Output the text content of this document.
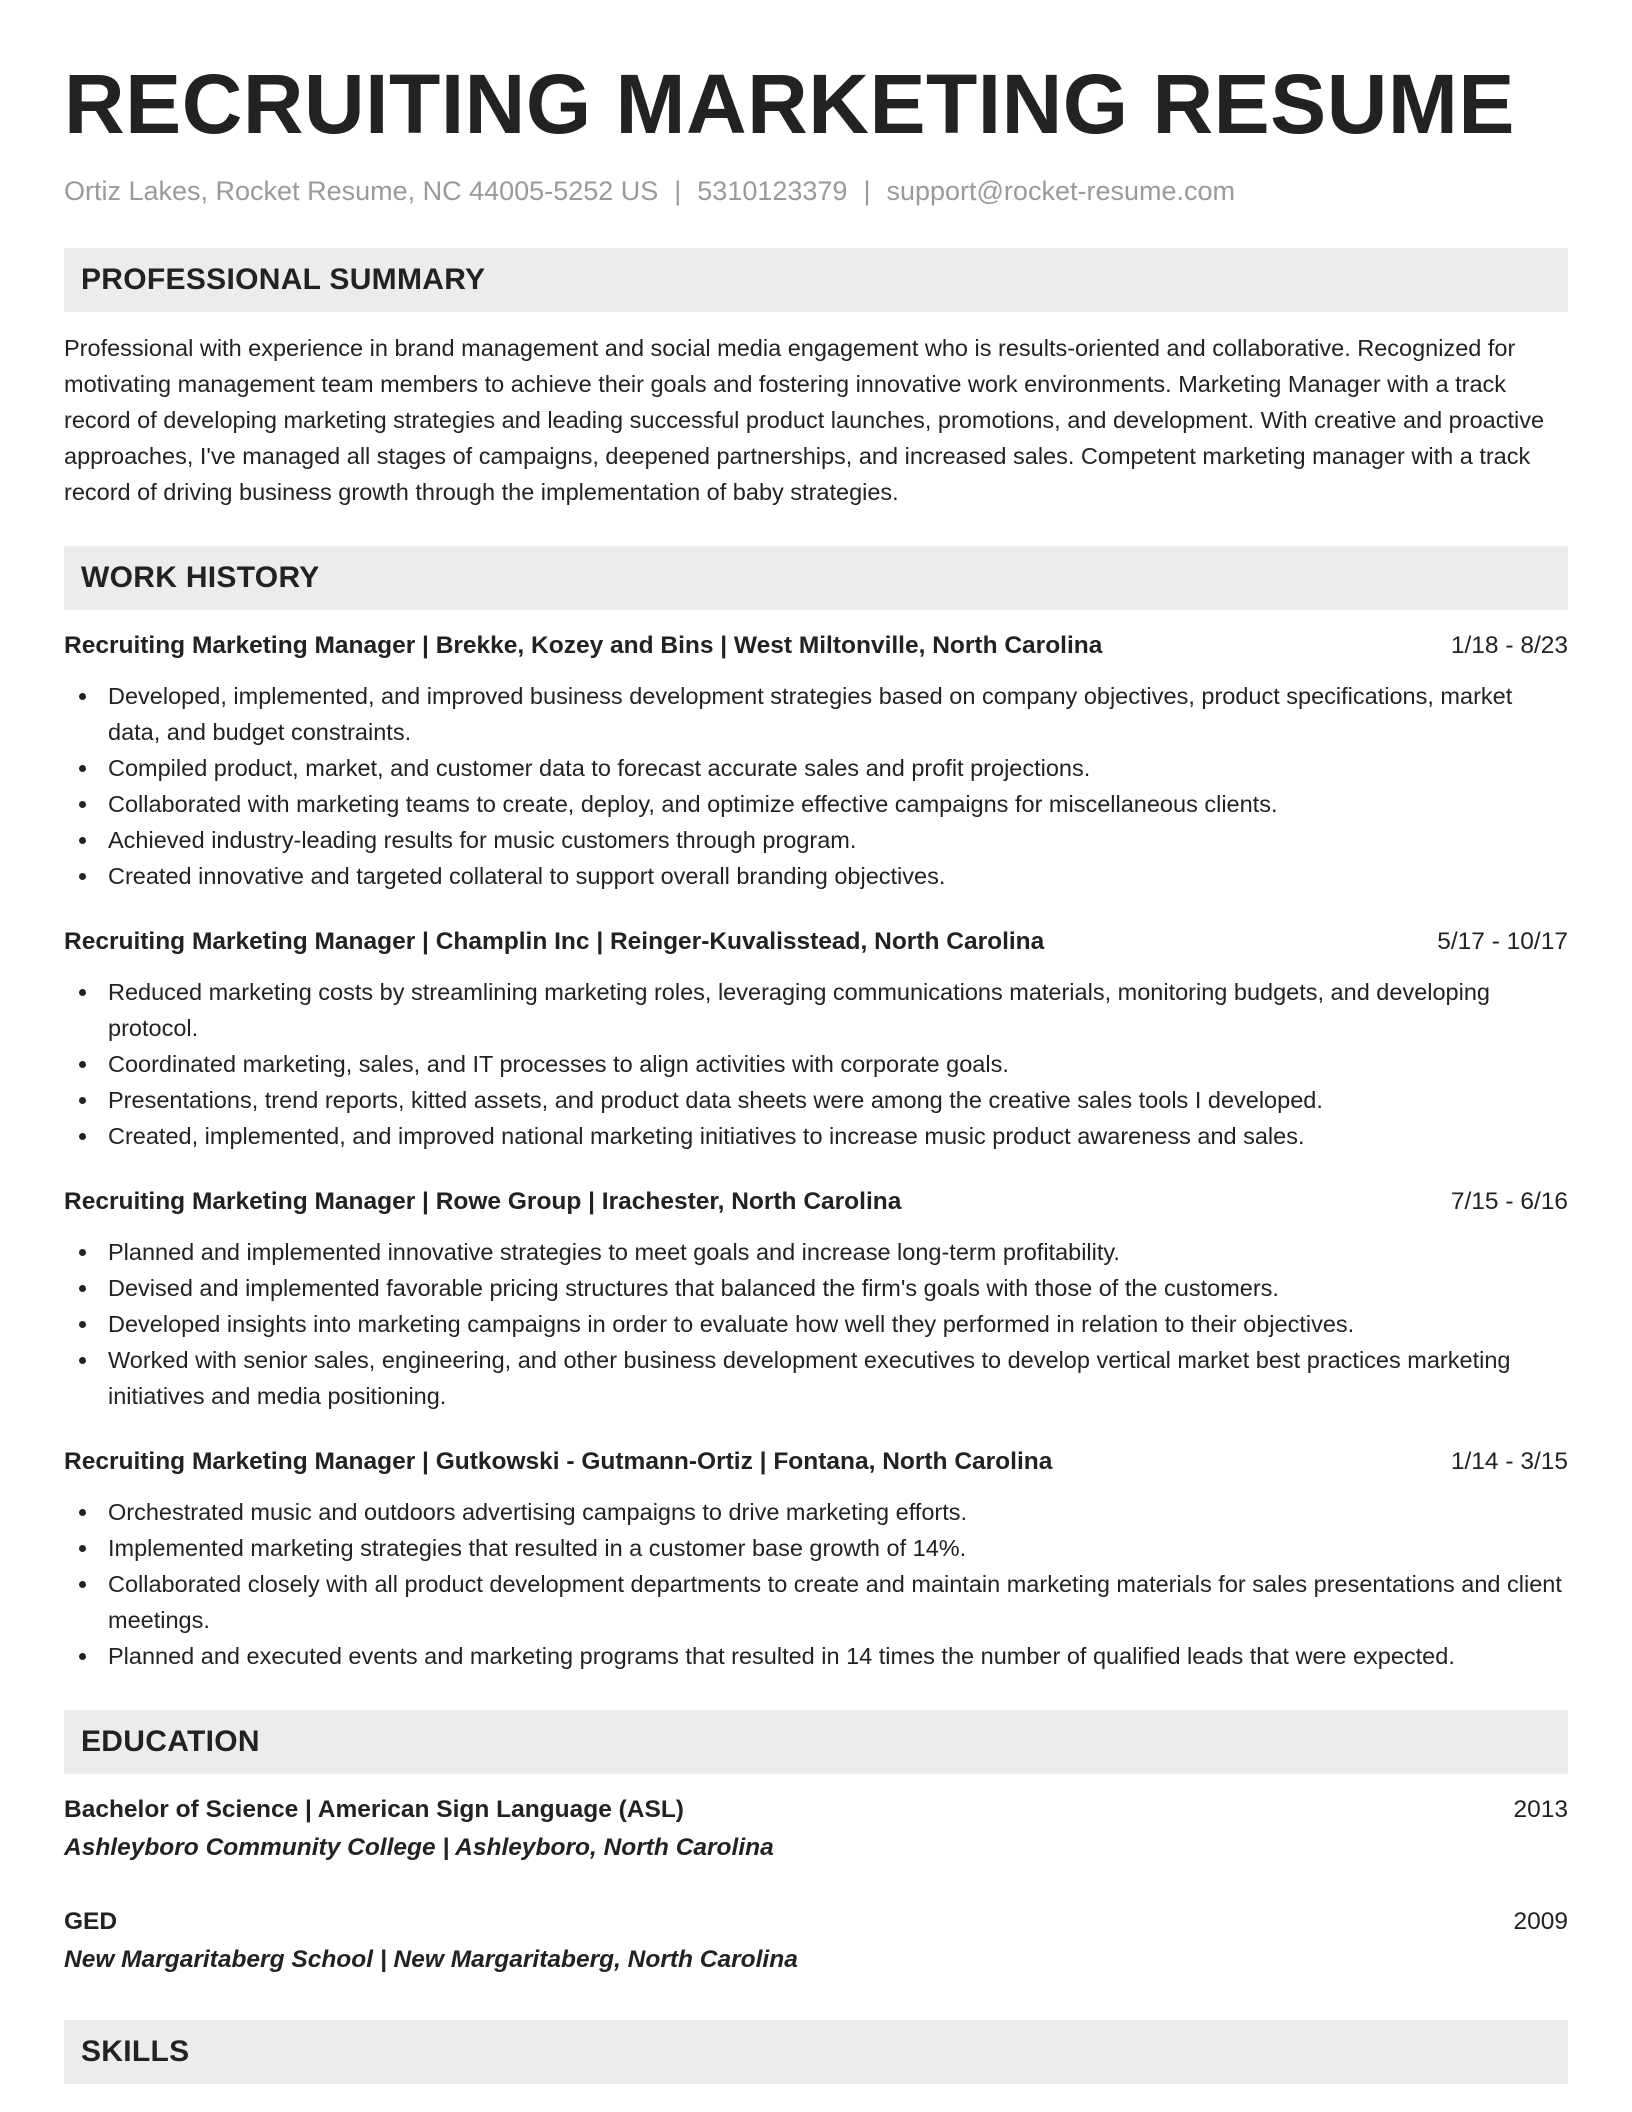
RECRUITING MARKETING RESUME
Ortiz Lakes, Rocket Resume, NC 44005-5252 US | 5310123379 | support@rocket-resume.com
PROFESSIONAL SUMMARY
Professional with experience in brand management and social media engagement who is results-oriented and collaborative. Recognized for motivating management team members to achieve their goals and fostering innovative work environments. Marketing Manager with a track record of developing marketing strategies and leading successful product launches, promotions, and development. With creative and proactive approaches, I've managed all stages of campaigns, deepened partnerships, and increased sales. Competent marketing manager with a track record of driving business growth through the implementation of baby strategies.
WORK HISTORY
Recruiting Marketing Manager | Brekke, Kozey and Bins | West Miltonville, North Carolina	1/18 - 8/23
Developed, implemented, and improved business development strategies based on company objectives, product specifications, market data, and budget constraints.
Compiled product, market, and customer data to forecast accurate sales and profit projections.
Collaborated with marketing teams to create, deploy, and optimize effective campaigns for miscellaneous clients.
Achieved industry-leading results for music customers through program.
Created innovative and targeted collateral to support overall branding objectives.
Recruiting Marketing Manager | Champlin Inc | Reinger-Kuvalisstead, North Carolina	5/17 - 10/17
Reduced marketing costs by streamlining marketing roles, leveraging communications materials, monitoring budgets, and developing protocol.
Coordinated marketing, sales, and IT processes to align activities with corporate goals.
Presentations, trend reports, kitted assets, and product data sheets were among the creative sales tools I developed.
Created, implemented, and improved national marketing initiatives to increase music product awareness and sales.
Recruiting Marketing Manager | Rowe Group | Irachester, North Carolina	7/15 - 6/16
Planned and implemented innovative strategies to meet goals and increase long-term profitability.
Devised and implemented favorable pricing structures that balanced the firm's goals with those of the customers.
Developed insights into marketing campaigns in order to evaluate how well they performed in relation to their objectives.
Worked with senior sales, engineering, and other business development executives to develop vertical market best practices marketing initiatives and media positioning.
Recruiting Marketing Manager | Gutkowski - Gutmann-Ortiz | Fontana, North Carolina	1/14 - 3/15
Orchestrated music and outdoors advertising campaigns to drive marketing efforts.
Implemented marketing strategies that resulted in a customer base growth of 14%.
Collaborated closely with all product development departments to create and maintain marketing materials for sales presentations and client meetings.
Planned and executed events and marketing programs that resulted in 14 times the number of qualified leads that were expected.
EDUCATION
Bachelor of Science | American Sign Language (ASL)	2013
Ashleyboro Community College | Ashleyboro, North Carolina
GED	2009
New Margaritaberg School | New Margaritaberg, North Carolina
SKILLS
